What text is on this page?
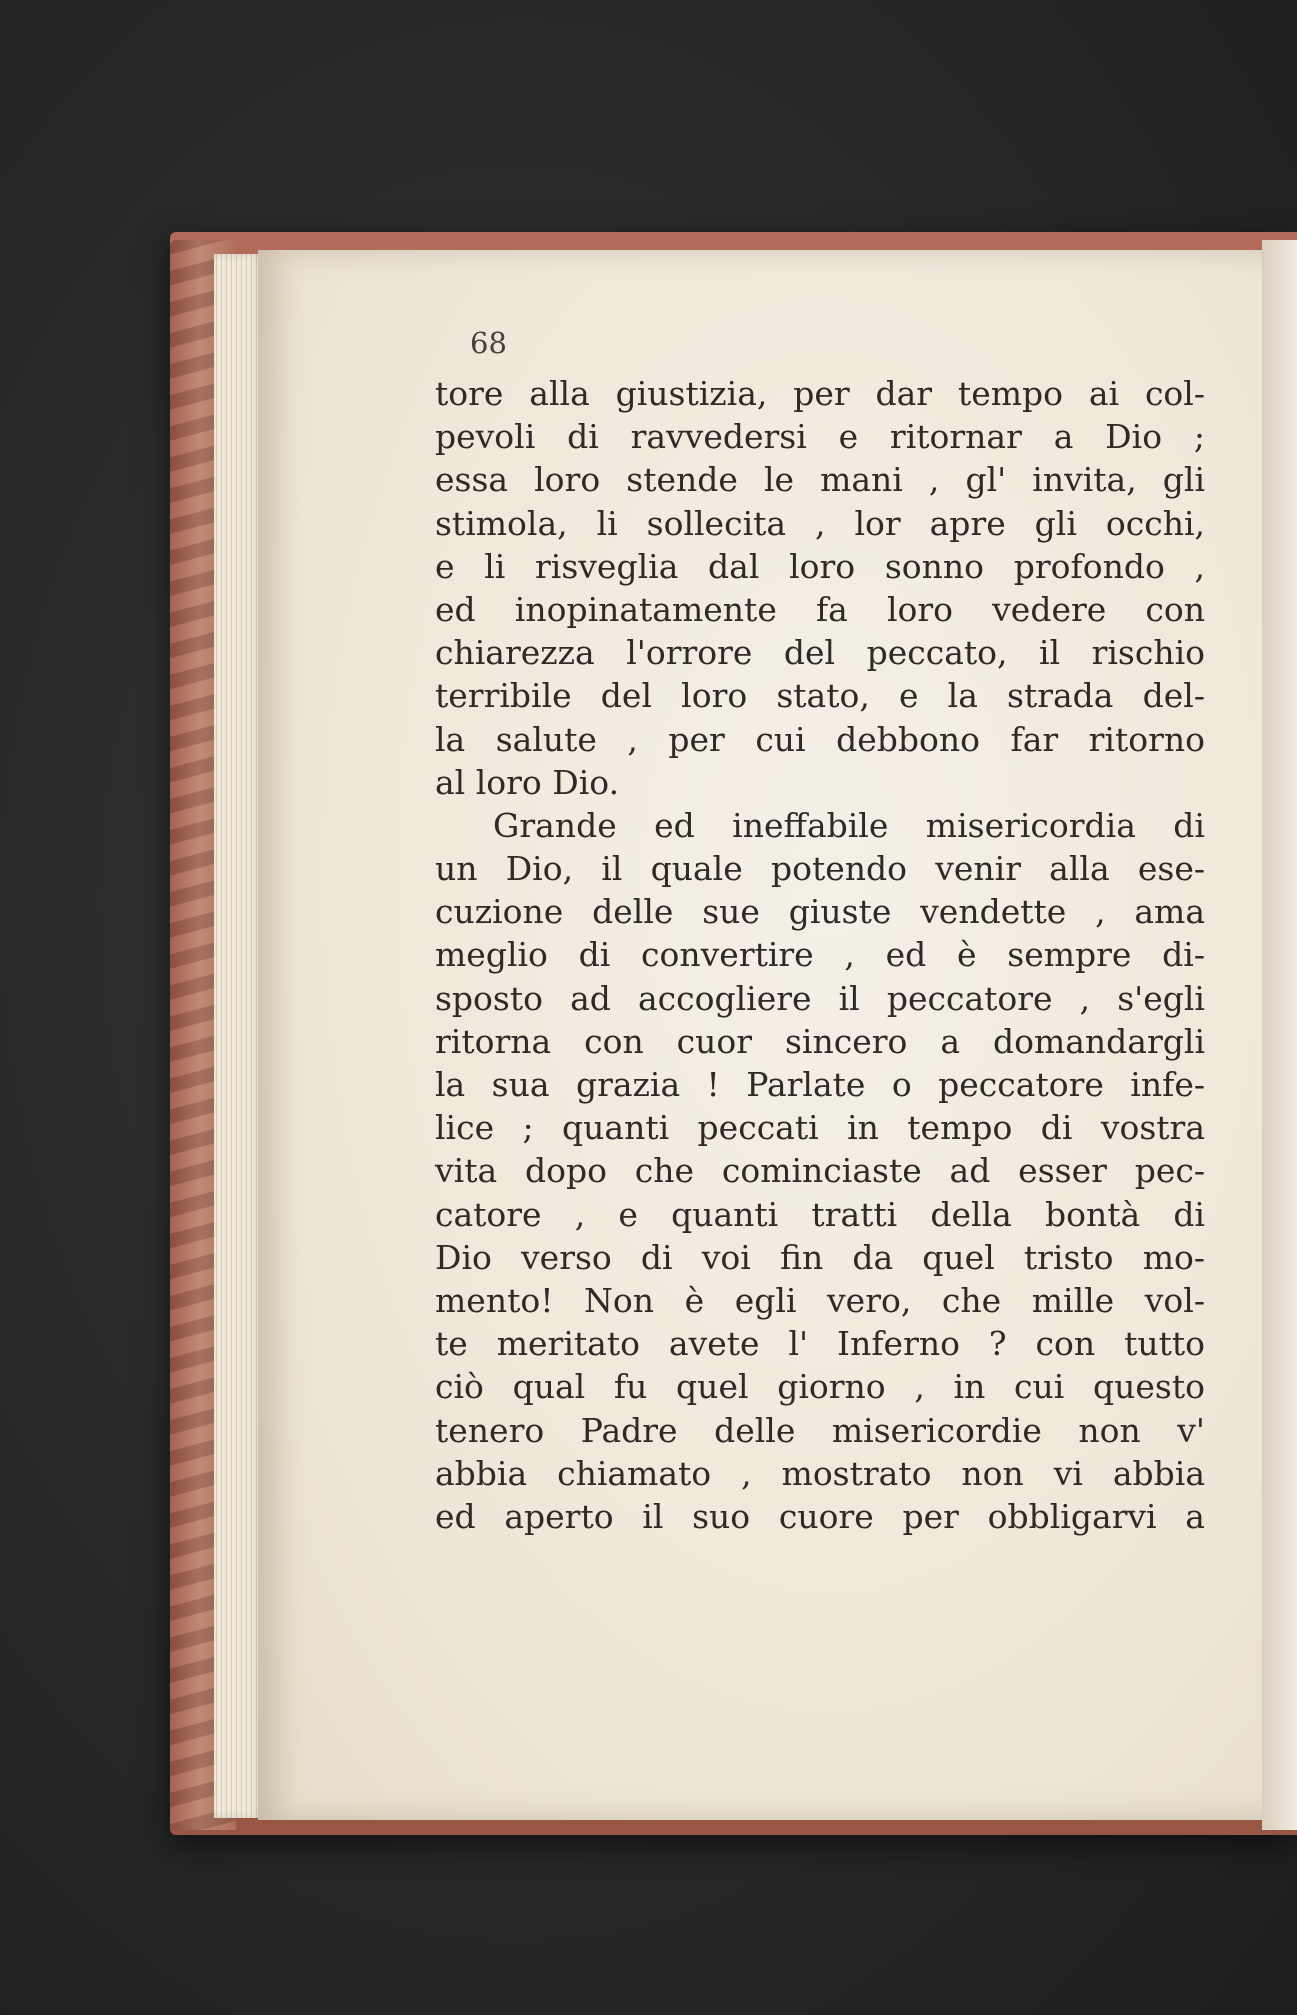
68
tore alla giustizia, per dar tempo ai col-
pevoli di ravvedersi e ritornar a Dio ;
essa loro stende le mani , gl' invita, gli
stimola, li sollecita , lor apre gli occhi,
e li risveglia dal loro sonno profondo ,
ed inopinatamente fa loro vedere con
chiarezza l'orrore del peccato, il rischio
terribile del loro stato, e la strada del-
la salute , per cui debbono far ritorno
al loro Dio.
Grande ed ineffabile misericordia di
un Dio, il quale potendo venir alla ese-
cuzione delle sue giuste vendette , ama
meglio di convertire , ed è sempre di-
sposto ad accogliere il peccatore , s'egli
ritorna con cuor sincero a domandargli
la sua grazia ! Parlate o peccatore infe-
lice ; quanti peccati in tempo di vostra
vita dopo che cominciaste ad esser pec-
catore , e quanti tratti della bontà di
Dio verso di voi fin da quel tristo mo-
mento! Non è egli vero, che mille vol-
te meritato avete l' Inferno ? con tutto
ciò qual fu quel giorno , in cui questo
tenero Padre delle misericordie non v'
abbia chiamato , mostrato non vi abbia
ed aperto il suo cuore per obbligarvi a
